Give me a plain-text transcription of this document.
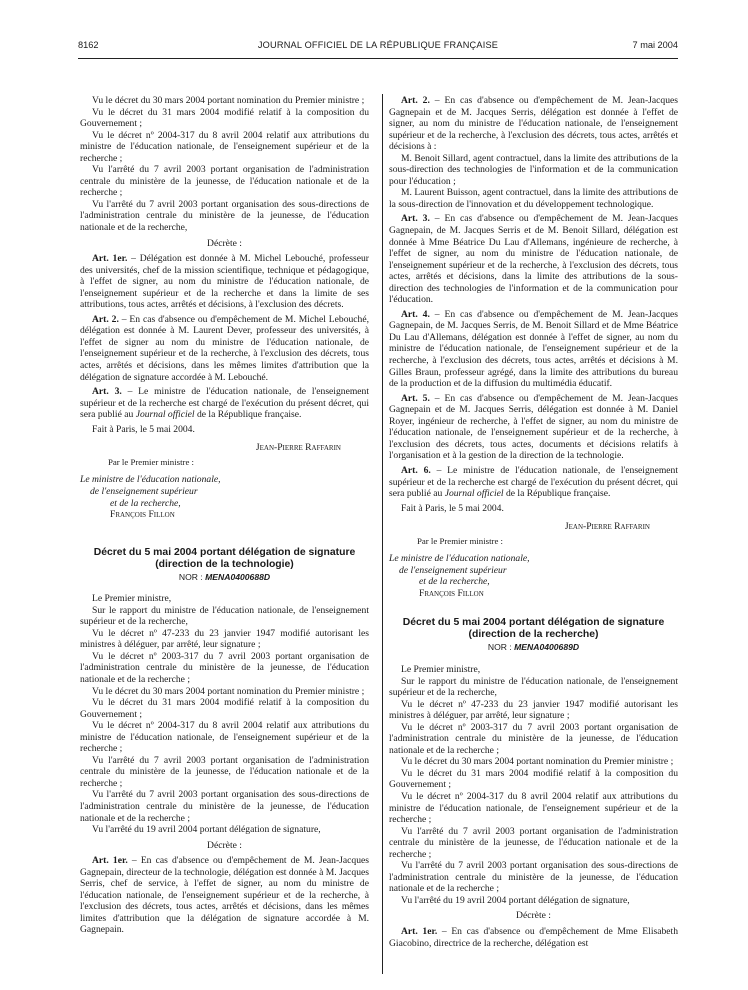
8162	JOURNAL OFFICIEL DE LA RÉPUBLIQUE FRANÇAISE	7 mai 2004

Vu le décret du 30 mars 2004 portant nomination du Premier ministre ;

Vu le décret du 31 mars 2004 modifié relatif à la composition du Gouvernement ;

Vu le décret nº 2004-317 du 8 avril 2004 relatif aux attributions du ministre de l'éducation nationale, de l'enseignement supérieur et de la recherche ;

Vu l'arrêté du 7 avril 2003 portant organisation de l'administration centrale du ministère de la jeunesse, de l'éducation nationale et de la recherche ;

Vu l'arrêté du 7 avril 2003 portant organisation des sous-directions de l'administration centrale du ministère de la jeunesse, de l'éducation nationale et de la recherche,

Décrète :

Art. 1er. – Délégation est donnée à M. Michel Lebouché, professeur des universités, chef de la mission scientifique, technique et pédagogique, à l'effet de signer, au nom du ministre de l'éducation nationale, de l'enseignement supérieur et de la recherche et dans la limite de ses attributions, tous actes, arrêtés et décisions, à l'exclusion des décrets.

Art. 2. – En cas d'absence ou d'empêchement de M. Michel Lebouché, délégation est donnée à M. Laurent Dever, professeur des universités, à l'effet de signer au nom du ministre de l'éducation nationale, de l'enseignement supérieur et de la recherche, à l'exclusion des décrets, tous actes, arrêtés et décisions, dans les mêmes limites d'attribution que la délégation de signature accordée à M. Lebouché.

Art. 3. – Le ministre de l'éducation nationale, de l'enseignement supérieur et de la recherche est chargé de l'exécution du présent décret, qui sera publié au Journal officiel de la République française.

Fait à Paris, le 5 mai 2004.

Jean-Pierre Raffarin

Par le Premier ministre :

Le ministre de l'éducation nationale,
de l'enseignement supérieur
et de la recherche,
François Fillon

Décret du 5 mai 2004 portant délégation de signature
(direction de la technologie)

NOR : MENA0400688D

Le Premier ministre,

Sur le rapport du ministre de l'éducation nationale, de l'enseignement supérieur et de la recherche,

Vu le décret nº 47-233 du 23 janvier 1947 modifié autorisant les ministres à déléguer, par arrêté, leur signature ;

Vu le décret nº 2003-317 du 7 avril 2003 portant organisation de l'administration centrale du ministère de la jeunesse, de l'éducation nationale et de la recherche ;

Vu le décret du 30 mars 2004 portant nomination du Premier ministre ;

Vu le décret du 31 mars 2004 modifié relatif à la composition du Gouvernement ;

Vu le décret nº 2004-317 du 8 avril 2004 relatif aux attributions du ministre de l'éducation nationale, de l'enseignement supérieur et de la recherche ;

Vu l'arrêté du 7 avril 2003 portant organisation de l'administration centrale du ministère de la jeunesse, de l'éducation nationale et de la recherche ;

Vu l'arrêté du 7 avril 2003 portant organisation des sous-directions de l'administration centrale du ministère de la jeunesse, de l'éducation nationale et de la recherche ;

Vu l'arrêté du 19 avril 2004 portant délégation de signature,

Décrète :

Art. 1er. – En cas d'absence ou d'empêchement de M. Jean-Jacques Gagnepain, directeur de la technologie, délégation est donnée à M. Jacques Serris, chef de service, à l'effet de signer, au nom du ministre de l'éducation nationale, de l'enseignement supérieur et de la recherche, à l'exclusion des décrets, tous actes, arrêtés et décisions, dans les mêmes limites d'attribution que la délégation de signature accordée à M. Gagnepain.

Art. 2. – En cas d'absence ou d'empêchement de M. Jean-Jacques Gagnepain et de M. Jacques Serris, délégation est donnée à l'effet de signer, au nom du ministre de l'éducation nationale, de l'enseignement supérieur et de la recherche, à l'exclusion des décrets, tous actes, arrêtés et décisions à :

M. Benoit Sillard, agent contractuel, dans la limite des attributions de la sous-direction des technologies de l'information et de la communication pour l'éducation ;

M. Laurent Buisson, agent contractuel, dans la limite des attributions de la sous-direction de l'innovation et du développement technologique.

Art. 3. – En cas d'absence ou d'empêchement de M. Jean-Jacques Gagnepain, de M. Jacques Serris et de M. Benoit Sillard, délégation est donnée à Mme Béatrice Du Lau d'Allemans, ingénieure de recherche, à l'effet de signer, au nom du ministre de l'éducation nationale, de l'enseignement supérieur et de la recherche, à l'exclusion des décrets, tous actes, arrêtés et décisions, dans la limite des attributions de la sous-direction des technologies de l'information et de la communication pour l'éducation.

Art. 4. – En cas d'absence ou d'empêchement de M. Jean-Jacques Gagnepain, de M. Jacques Serris, de M. Benoit Sillard et de Mme Béatrice Du Lau d'Allemans, délégation est donnée à l'effet de signer, au nom du ministre de l'éducation nationale, de l'enseignement supérieur et de la recherche, à l'exclusion des décrets, tous actes, arrêtés et décisions à M. Gilles Braun, professeur agrégé, dans la limite des attributions du bureau de la production et de la diffusion du multimédia éducatif.

Art. 5. – En cas d'absence ou d'empêchement de M. Jean-Jacques Gagnepain et de M. Jacques Serris, délégation est donnée à M. Daniel Royer, ingénieur de recherche, à l'effet de signer, au nom du ministre de l'éducation nationale, de l'enseignement supérieur et de la recherche, à l'exclusion des décrets, tous actes, documents et décisions relatifs à l'organisation et à la gestion de la direction de la technologie.

Art. 6. – Le ministre de l'éducation nationale, de l'enseignement supérieur et de la recherche est chargé de l'exécution du présent décret, qui sera publié au Journal officiel de la République française.

Fait à Paris, le 5 mai 2004.

Jean-Pierre Raffarin

Par le Premier ministre :

Le ministre de l'éducation nationale,
de l'enseignement supérieur
et de la recherche,
François Fillon

Décret du 5 mai 2004 portant délégation de signature
(direction de la recherche)

NOR : MENA0400689D

Le Premier ministre,

Sur le rapport du ministre de l'éducation nationale, de l'enseignement supérieur et de la recherche,

Vu le décret nº 47-233 du 23 janvier 1947 modifié autorisant les ministres à déléguer, par arrêté, leur signature ;

Vu le décret nº 2003-317 du 7 avril 2003 portant organisation de l'administration centrale du ministère de la jeunesse, de l'éducation nationale et de la recherche ;

Vu le décret du 30 mars 2004 portant nomination du Premier ministre ;

Vu le décret du 31 mars 2004 modifié relatif à la composition du Gouvernement ;

Vu le décret nº 2004-317 du 8 avril 2004 relatif aux attributions du ministre de l'éducation nationale, de l'enseignement supérieur et de la recherche ;

Vu l'arrêté du 7 avril 2003 portant organisation de l'administration centrale du ministère de la jeunesse, de l'éducation nationale et de la recherche ;

Vu l'arrêté du 7 avril 2003 portant organisation des sous-directions de l'administration centrale du ministère de la jeunesse, de l'éducation nationale et de la recherche ;

Vu l'arrêté du 19 avril 2004 portant délégation de signature,

Décrète :

Art. 1er. – En cas d'absence ou d'empêchement de Mme Elisabeth Giacobino, directrice de la recherche, délégation est
